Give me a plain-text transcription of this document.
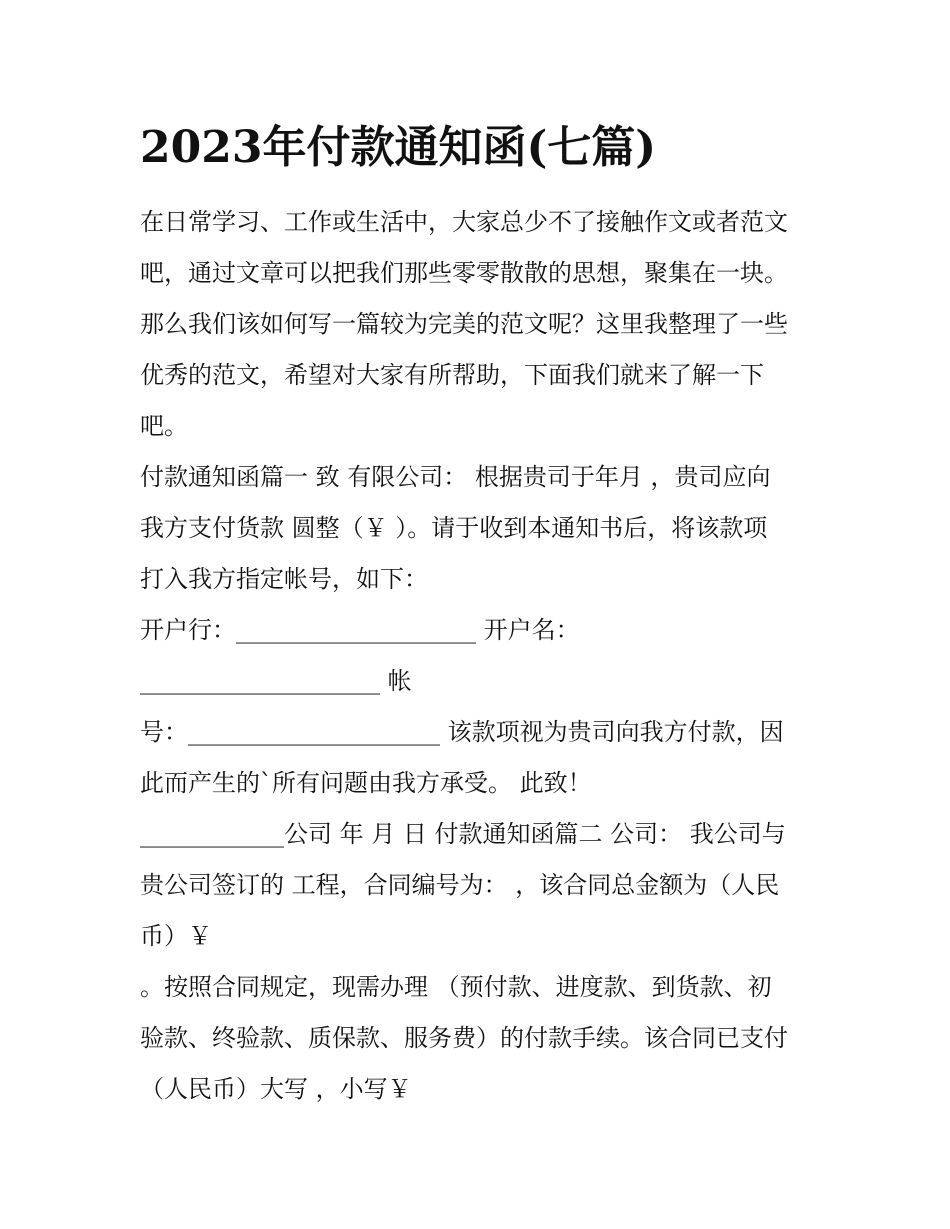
2023年付款通知函(七篇)

在日常学习、工作或生活中，大家总少不了接触作文或者范文

吧，通过文章可以把我们那些零零散散的思想，聚集在一块。

那么我们该如何写一篇较为完美的范文呢？这里我整理了一些

优秀的范文，希望对大家有所帮助，下面我们就来了解一下

吧。

付款通知函篇一 致 有限公司： 根据贵司于年月 ，贵司应向

我方支付货款 圆整（￥ ）。请于收到本通知书后，将该款项

打入我方指定帐号，如下：

开户行：____________________ 开户名：

____________________ 帐

号：_____________________ 该款项视为贵司向我方付款，因

此而产生的`所有问题由我方承受。 此致！

____________公司 年 月 日 付款通知函篇二 公司： 我公司与

贵公司签订的 工程，合同编号为： ，该合同总金额为（人民

币）￥

。按照合同规定，现需办理 （预付款、进度款、到货款、初

验款、终验款、质保款、服务费）的付款手续。该合同已支付

（人民币）大写 ，小写￥
